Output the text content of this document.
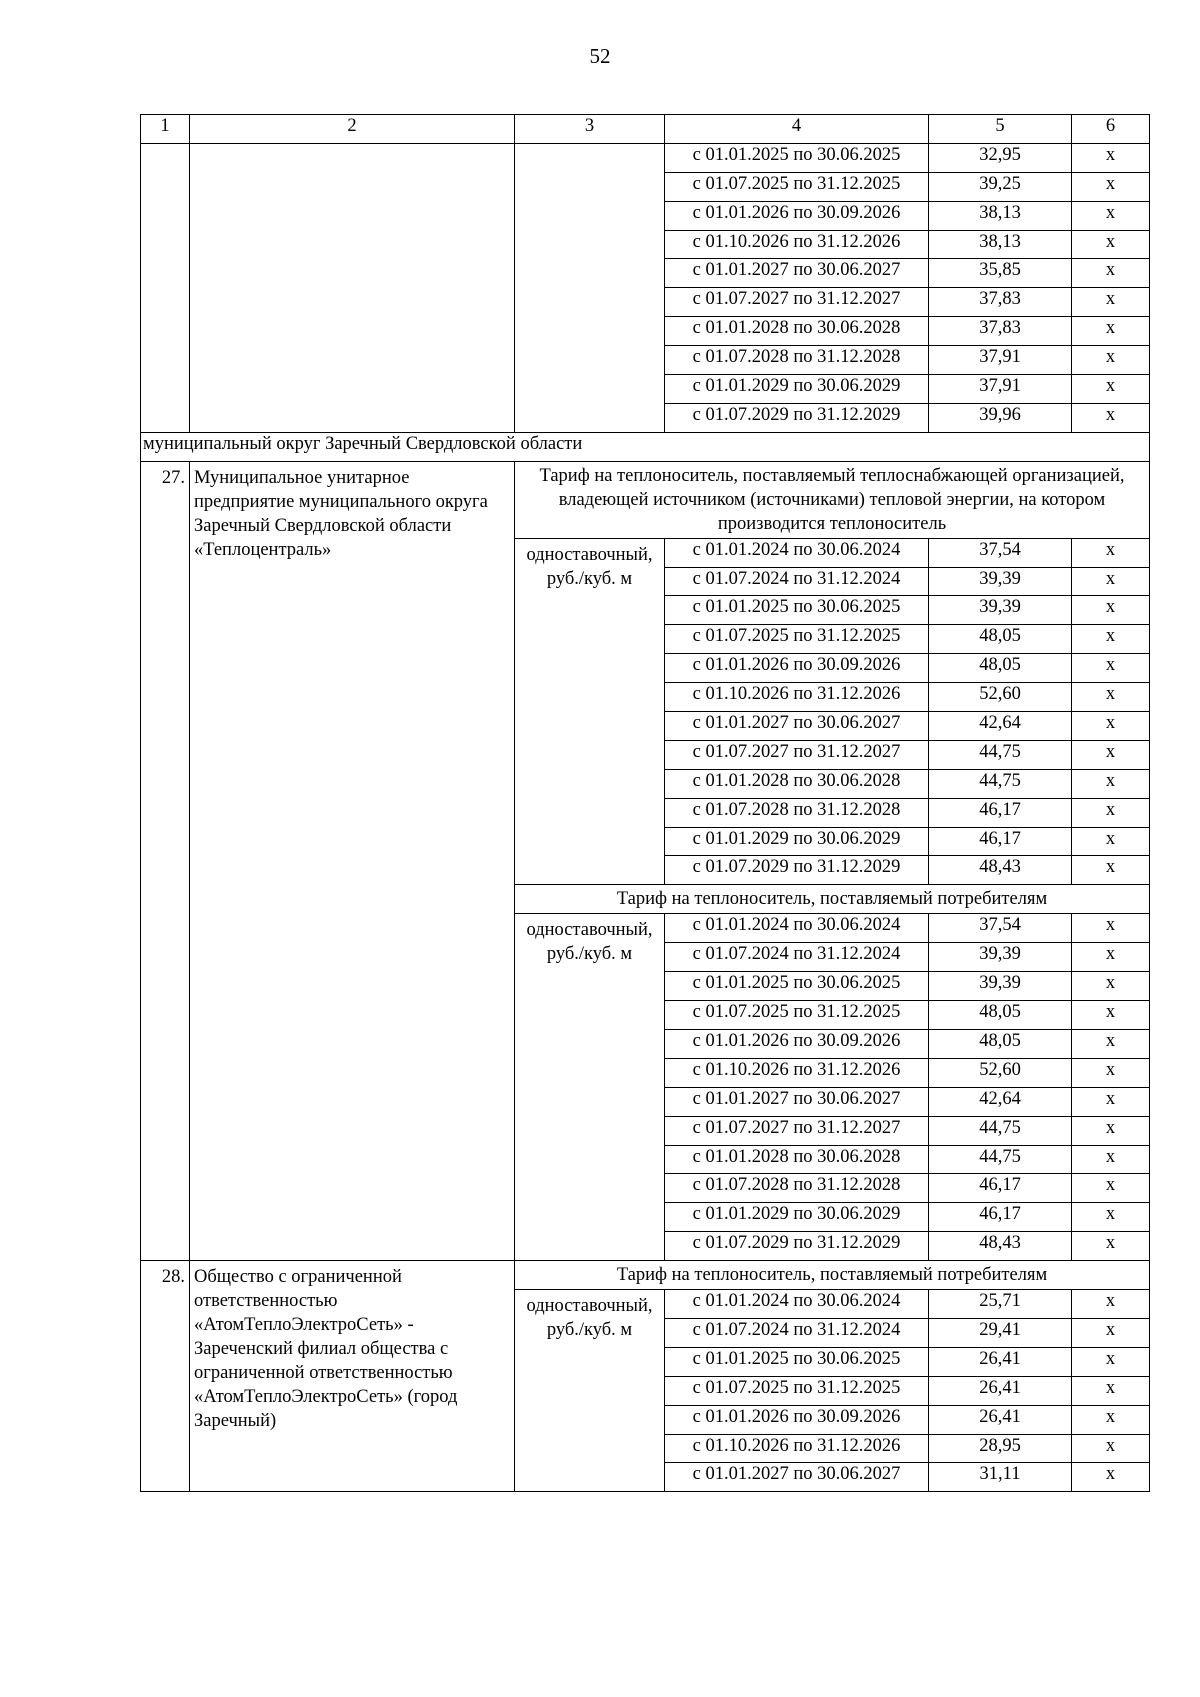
52
1	2	3	4	5	6
			с 01.01.2025 по 30.06.2025	32,95	х
			с 01.07.2025 по 31.12.2025	39,25	х
			с 01.01.2026 по 30.09.2026	38,13	х
			с 01.10.2026 по 31.12.2026	38,13	х
			с 01.01.2027 по 30.06.2027	35,85	х
			с 01.07.2027 по 31.12.2027	37,83	х
			с 01.01.2028 по 30.06.2028	37,83	х
			с 01.07.2028 по 31.12.2028	37,91	х
			с 01.01.2029 по 30.06.2029	37,91	х
			с 01.07.2029 по 31.12.2029	39,96	х
муниципальный округ Заречный Свердловской области					
27.	Муниципальное унитарное предприятие муниципального округа Заречный Свердловской области «Теплоцентраль»	Тариф на теплоноситель, поставляемый теплоснабжающей организацией, владеющей источником (источниками) тепловой энергии, на котором производится теплоноситель			
		одноставочный, руб./куб. м	с 01.01.2024 по 30.06.2024	37,54	х
			с 01.07.2024 по 31.12.2024	39,39	х
			с 01.01.2025 по 30.06.2025	39,39	х
			с 01.07.2025 по 31.12.2025	48,05	х
			с 01.01.2026 по 30.09.2026	48,05	х
			с 01.10.2026 по 31.12.2026	52,60	х
			с 01.01.2027 по 30.06.2027	42,64	х
			с 01.07.2027 по 31.12.2027	44,75	х
			с 01.01.2028 по 30.06.2028	44,75	х
			с 01.07.2028 по 31.12.2028	46,17	х
			с 01.01.2029 по 30.06.2029	46,17	х
			с 01.07.2029 по 31.12.2029	48,43	х
		Тариф на теплоноситель, поставляемый потребителям			
		одноставочный, руб./куб. м	с 01.01.2024 по 30.06.2024	37,54	х
			с 01.07.2024 по 31.12.2024	39,39	х
			с 01.01.2025 по 30.06.2025	39,39	х
			с 01.07.2025 по 31.12.2025	48,05	х
			с 01.01.2026 по 30.09.2026	48,05	х
			с 01.10.2026 по 31.12.2026	52,60	х
			с 01.01.2027 по 30.06.2027	42,64	х
			с 01.07.2027 по 31.12.2027	44,75	х
			с 01.01.2028 по 30.06.2028	44,75	х
			с 01.07.2028 по 31.12.2028	46,17	х
			с 01.01.2029 по 30.06.2029	46,17	х
			с 01.07.2029 по 31.12.2029	48,43	х
28.	Общество с ограниченной ответственностью «АтомТеплоЭлектроСеть» - Зареченский филиал общества с ограниченной ответственностью «АтомТеплоЭлектроСеть» (город Заречный)	Тариф на теплоноситель, поставляемый потребителям			
		одноставочный, руб./куб. м	с 01.01.2024 по 30.06.2024	25,71	х
			с 01.07.2024 по 31.12.2024	29,41	х
			с 01.01.2025 по 30.06.2025	26,41	х
			с 01.07.2025 по 31.12.2025	26,41	х
			с 01.01.2026 по 30.09.2026	26,41	х
			с 01.10.2026 по 31.12.2026	28,95	х
			с 01.01.2027 по 30.06.2027	31,11	х
